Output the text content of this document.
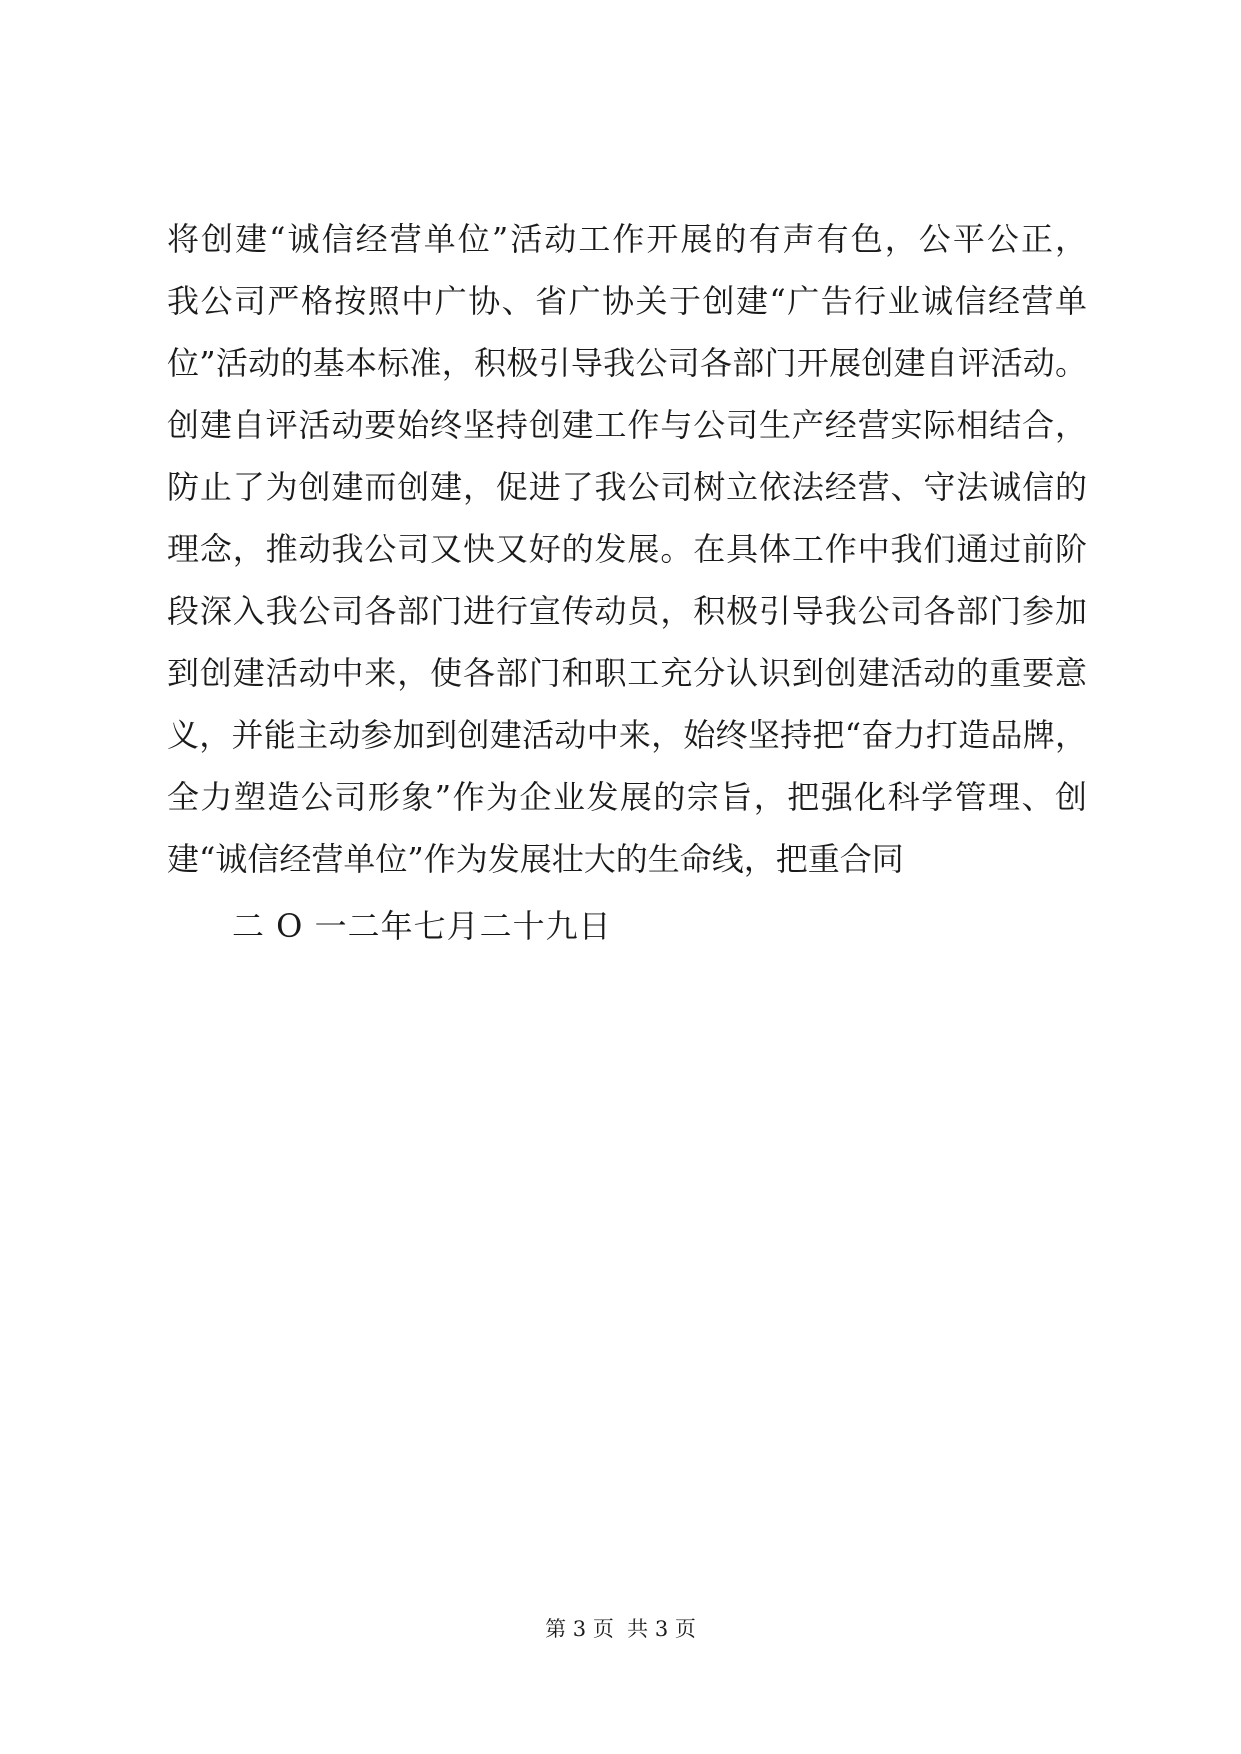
将创建“诚信经营单位”活动工作开展的有声有色，公平公正，
我公司严格按照中广协、省广协关于创建“广告行业诚信经营单
位”活动的基本标准，积极引导我公司各部门开展创建自评活动。
创建自评活动要始终坚持创建工作与公司生产经营实际相结合，
防止了为创建而创建，促进了我公司树立依法经营、守法诚信的
理念，推动我公司又快又好的发展。在具体工作中我们通过前阶
段深入我公司各部门进行宣传动员，积极引导我公司各部门参加
到创建活动中来，使各部门和职工充分认识到创建活动的重要意
义，并能主动参加到创建活动中来，始终坚持把“奋力打造品牌，
全力塑造公司形象”作为企业发展的宗旨，把强化科学管理、创
建“诚信经营单位”作为发展壮大的生命线，把重合同
二 O 一二年七月二十九日
第 3 页  共 3 页
